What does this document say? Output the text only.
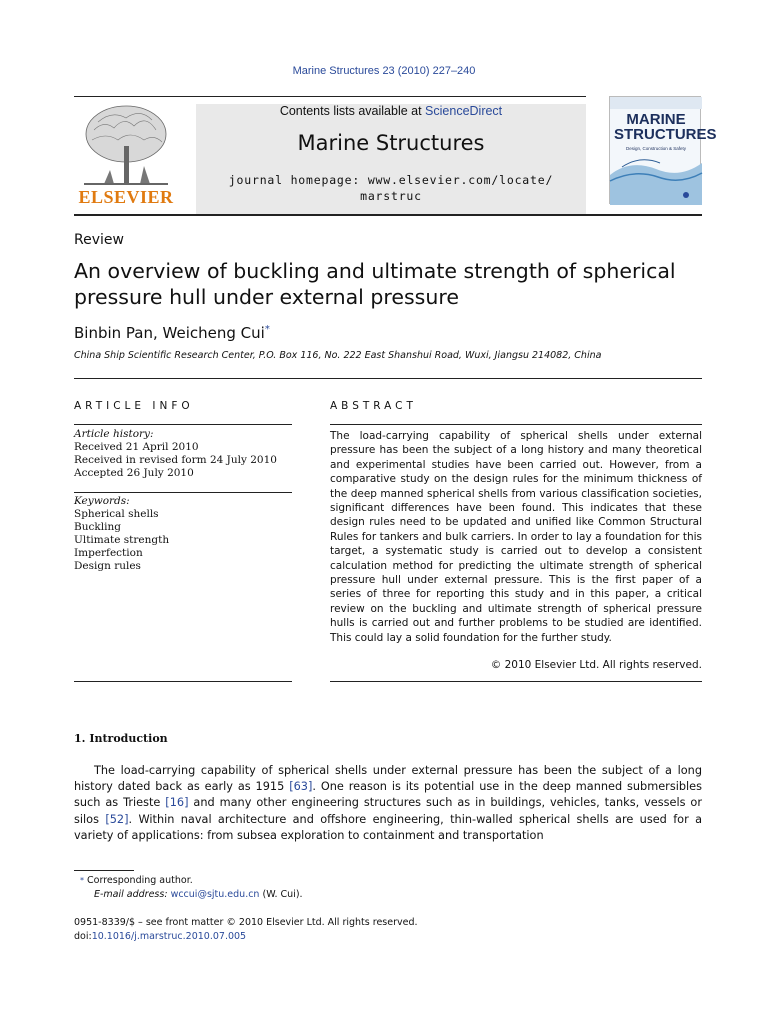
Marine Structures 23 (2010) 227–240
ELSEVIER
Contents lists available at ScienceDirect
Marine Structures
journal homepage: www.elsevier.com/locate/
marstruc
MARINE
STRUCTURES
Design, Construction & Safety
Review
An overview of buckling and ultimate strength of spherical pressure hull under external pressure
Binbin Pan, Weicheng Cui*
China Ship Scientific Research Center, P.O. Box 116, No. 222 East Shanshui Road, Wuxi, Jiangsu 214082, China
ARTICLE INFO
Article history:
Received 21 April 2010
Received in revised form 24 July 2010
Accepted 26 July 2010
Keywords:
Spherical shells
Buckling
Ultimate strength
Imperfection
Design rules
ABSTRACT
The load-carrying capability of spherical shells under external pressure has been the subject of a long history and many theoretical and experimental studies have been carried out. However, from a comparative study on the design rules for the minimum thickness of the deep manned spherical shells from various classification societies, significant differences have been found. This indicates that these design rules need to be updated and unified like Common Structural Rules for tankers and bulk carriers. In order to lay a foundation for this target, a systematic study is carried out to develop a consistent calculation method for predicting the ultimate strength of spherical pressure hull under external pressure. This is the first paper of a series of three for reporting this study and in this paper, a critical review on the buckling and ultimate strength of spherical pressure hulls is carried out and further problems to be studied are identified. This could lay a solid foundation for the further study.
© 2010 Elsevier Ltd. All rights reserved.
1. Introduction
The load-carrying capability of spherical shells under external pressure has been the subject of a long history dated back as early as 1915 [63]. One reason is its potential use in the deep manned submersibles such as Trieste [16] and many other engineering structures such as in buildings, vehicles, tanks, vessels or silos [52]. Within naval architecture and offshore engineering, thin-walled spherical shells are used for a variety of applications: from subsea exploration to containment and transportation
* Corresponding author.
E-mail address: wccui@sjtu.edu.cn (W. Cui).
0951-8339/$ – see front matter © 2010 Elsevier Ltd. All rights reserved.
doi:10.1016/j.marstruc.2010.07.005
